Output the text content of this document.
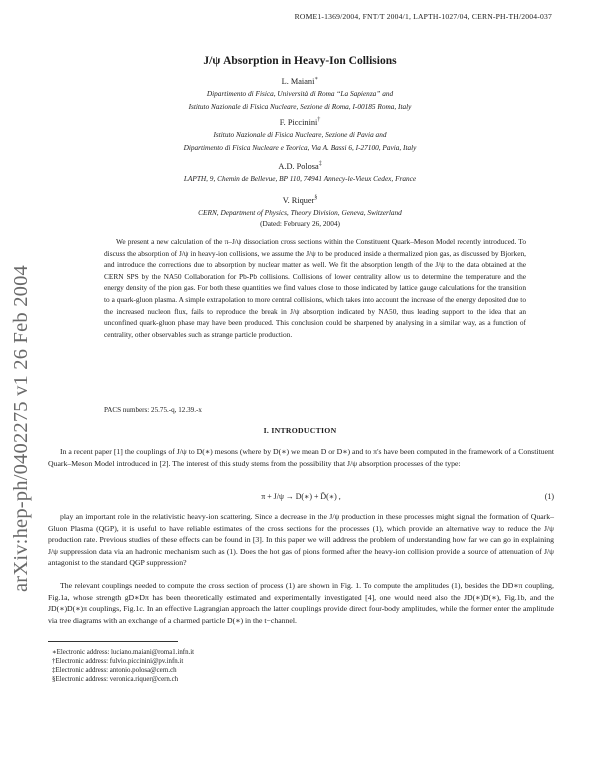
arXiv:hep-ph/0402275 v1 26 Feb 2004
ROME1-1369/2004, FNT/T 2004/1, LAPTH-1027/04, CERN-PH-TH/2004-037
J/ψ Absorption in Heavy-Ion Collisions
L. Maiani∗
Dipartimento di Fisica, Università di Roma “La Sapienza” and
Istituto Nazionale di Fisica Nucleare, Sezione di Roma, I-00185 Roma, Italy
F. Piccinini†
Istituto Nazionale di Fisica Nucleare, Sezione di Pavia and
Dipartimento di Fisica Nucleare e Teorica, Via A. Bassi 6, I-27100, Pavia, Italy
A.D. Polosa‡
LAPTH, 9, Chemin de Bellevue, BP 110, 74941 Annecy-le-Vieux Cedex, France
V. Riquer§
CERN, Department of Physics, Theory Division, Geneva, Switzerland
(Dated: February 26, 2004)
We present a new calculation of the π–J/ψ dissociation cross sections within the Constituent Quark–Meson Model recently introduced. To discuss the absorption of J/ψ in heavy-ion collisions, we assume the J/ψ to be produced inside a thermalized pion gas, as discussed by Bjorken, and introduce the corrections due to absorption by nuclear matter as well. We fit the absorption length of the J/ψ to the data obtained at the CERN SPS by the NA50 Collaboration for Pb-Pb collisions. Collisions of lower centrality allow us to determine the temperature and the energy density of the pion gas. For both these quantities we find values close to those indicated by lattice gauge calculations for the transition to a quark-gluon plasma. A simple extrapolation to more central collisions, which takes into account the increase of the energy deposited due to the increased nucleon flux, fails to reproduce the break in J/ψ absorption indicated by NA50, thus leading support to the idea that an unconfined quark-gluon phase may have been produced. This conclusion could be sharpened by analysing in a similar way, as a function of centrality, other observables such as strange particle production.
PACS numbers: 25.75.-q, 12.39.-x
I. INTRODUCTION
In a recent paper [1] the couplings of J/ψ to D(∗) mesons (where by D(∗) we mean D or D∗) and to π's have been computed in the framework of a Constituent Quark–Meson Model introduced in [2]. The interest of this study stems from the possibility that J/ψ absorption processes of the type:
π + J/ψ → D(∗) + D̄(∗) ,	(1)
play an important role in the relativistic heavy-ion scattering. Since a decrease in the J/ψ production in these processes might signal the formation of Quark–Gluon Plasma (QGP), it is useful to have reliable estimates of the cross sections for the processes (1), which provide an alternative way to reduce the J/ψ production rate. Previous studies of these effects can be found in [3]. In this paper we will address the problem of understanding how far we can go in explaining J/ψ suppression data via an hadronic mechanism such as (1). Does the hot gas of pions formed after the heavy-ion collision provide a source of attenuation of J/ψ antagonist to the standard QGP suppression?
The relevant couplings needed to compute the cross section of process (1) are shown in Fig. 1. To compute the amplitudes (1), besides the DD∗π coupling, Fig.1a, whose strength gD∗Dπ has been theoretically estimated and experimentally investigated [4], one would need also the JD(∗)D(∗), Fig.1b, and the JD(∗)D(∗)π couplings, Fig.1c. In an effective Lagrangian approach the latter couplings provide direct four-body amplitudes, while the former enter the amplitude via tree diagrams with an exchange of a charmed particle D(∗) in the t−channel.
∗Electronic address: luciano.maiani@roma1.infn.it
†Electronic address: fulvio.piccinini@pv.infn.it
‡Electronic address: antonio.polosa@cern.ch
§Electronic address: veronica.riquer@cern.ch
